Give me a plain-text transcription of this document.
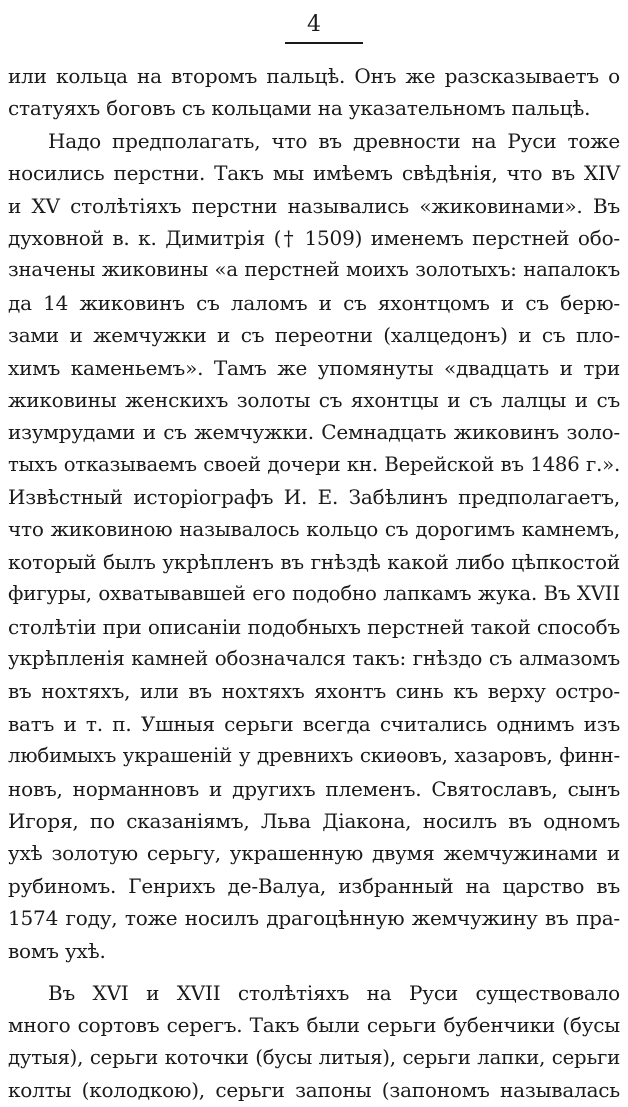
4
или кольца на второмъ пальцѣ. Онъ же разсказываетъ о
статуяхъ боговъ съ кольцами на указательномъ пальцѣ.
Надо предполагать, что въ древности на Руси тоже
носились перстни. Такъ мы имѣемъ свѣдѣнія, что въ XIV
и XV столѣтіяхъ перстни назывались «жиковинами». Въ
духовной в. к. Димитрія († 1509) именемъ перстней обо-
значены жиковины «а перстней моихъ золотыхъ: напалокъ
да 14 жиковинъ съ лаломъ и съ яхонтцомъ и съ берю-
зами и жемчужки и съ переотни (халцедонъ) и съ пло-
химъ каменьемъ». Тамъ же упомянуты «двадцать и три
жиковины женскихъ золоты съ яхонтцы и съ лалцы и съ
изумрудами и съ жемчужки. Семнадцать жиковинъ золо-
тыхъ отказываемъ своей дочери кн. Верейской въ 1486 г.».
Извѣстный исторіографъ И. Е. Забѣлинъ предполагаетъ,
что жиковиною называлось кольцо съ дорогимъ камнемъ,
который былъ укрѣпленъ въ гнѣздѣ какой либо цѣпкостой
фигуры, охватывавшей его подобно лапкамъ жука. Въ XVII
столѣтіи при описаніи подобныхъ перстней такой способъ
укрѣпленія камней обозначался такъ: гнѣздо съ алмазомъ
въ нохтяхъ, или въ нохтяхъ яхонтъ синь къ верху остро-
ватъ и т. п. Ушныя серьги всегда считались однимъ изъ
любимыхъ украшеній у древнихъ скиѳовъ, хазаровъ, финн-
новъ, норманновъ и другихъ племенъ. Святославъ, сынъ
Игоря, по сказаніямъ, Льва Діакона, носилъ въ одномъ
ухѣ золотую серьгу, украшенную двумя жемчужинами и
рубиномъ. Генрихъ де-Валуа, избранный на царство въ
1574 году, тоже носилъ драгоцѣнную жемчужину въ пра-
вомъ ухѣ.
Въ XVI и XVII столѣтіяхъ на Руси существовало
много сортовъ серегъ. Такъ были серьги бубенчики (бусы
дутыя), серьги коточки (бусы литыя), серьги лапки, серьги
колты (колодкою), серьги запоны (запономъ называлась
